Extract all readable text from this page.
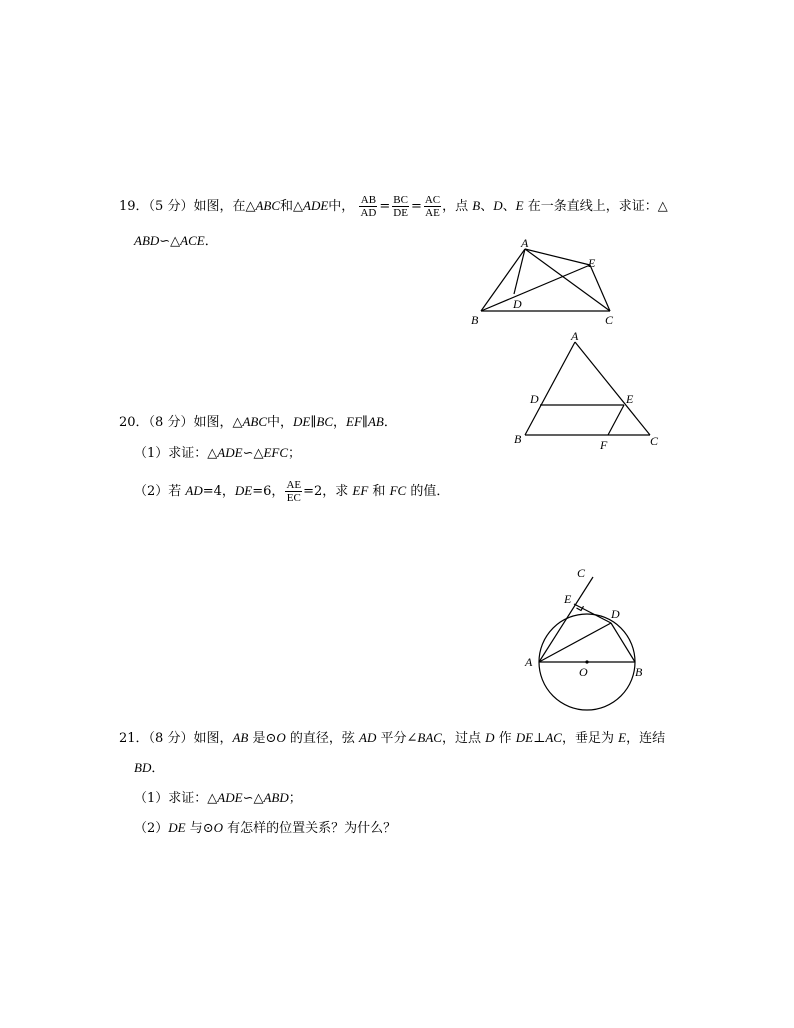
19．（5 分）如图，在△ABC和△ADE中， $\frac{AB}{AD} = \frac{BC}{DE} = \frac{AC}{AE}$ ，点 B、D、E 在一条直线上，求证：△
ABD∽△ACE．	A
E
D
B	C
A
D	E
B	F	C
20．（8 分）如图，△ABC中，DE∥BC，EF∥AB．
（1）求证：△ADE∽△EFC；
（2）若 AD=4，DE=6， $\frac{AE}{EC} =2$，求 EF 和 FC 的值．
C
E
D
A
O	B
21．（8 分）如图，AB 是⊙O 的直径，弦 AD 平分∠BAC，过点 D 作 DE⊥AC，垂足为 E，连结
BD．
（1）求证：△ADE∽△ABD；
（2）DE 与⊙O 有怎样的位置关系？为什么？
